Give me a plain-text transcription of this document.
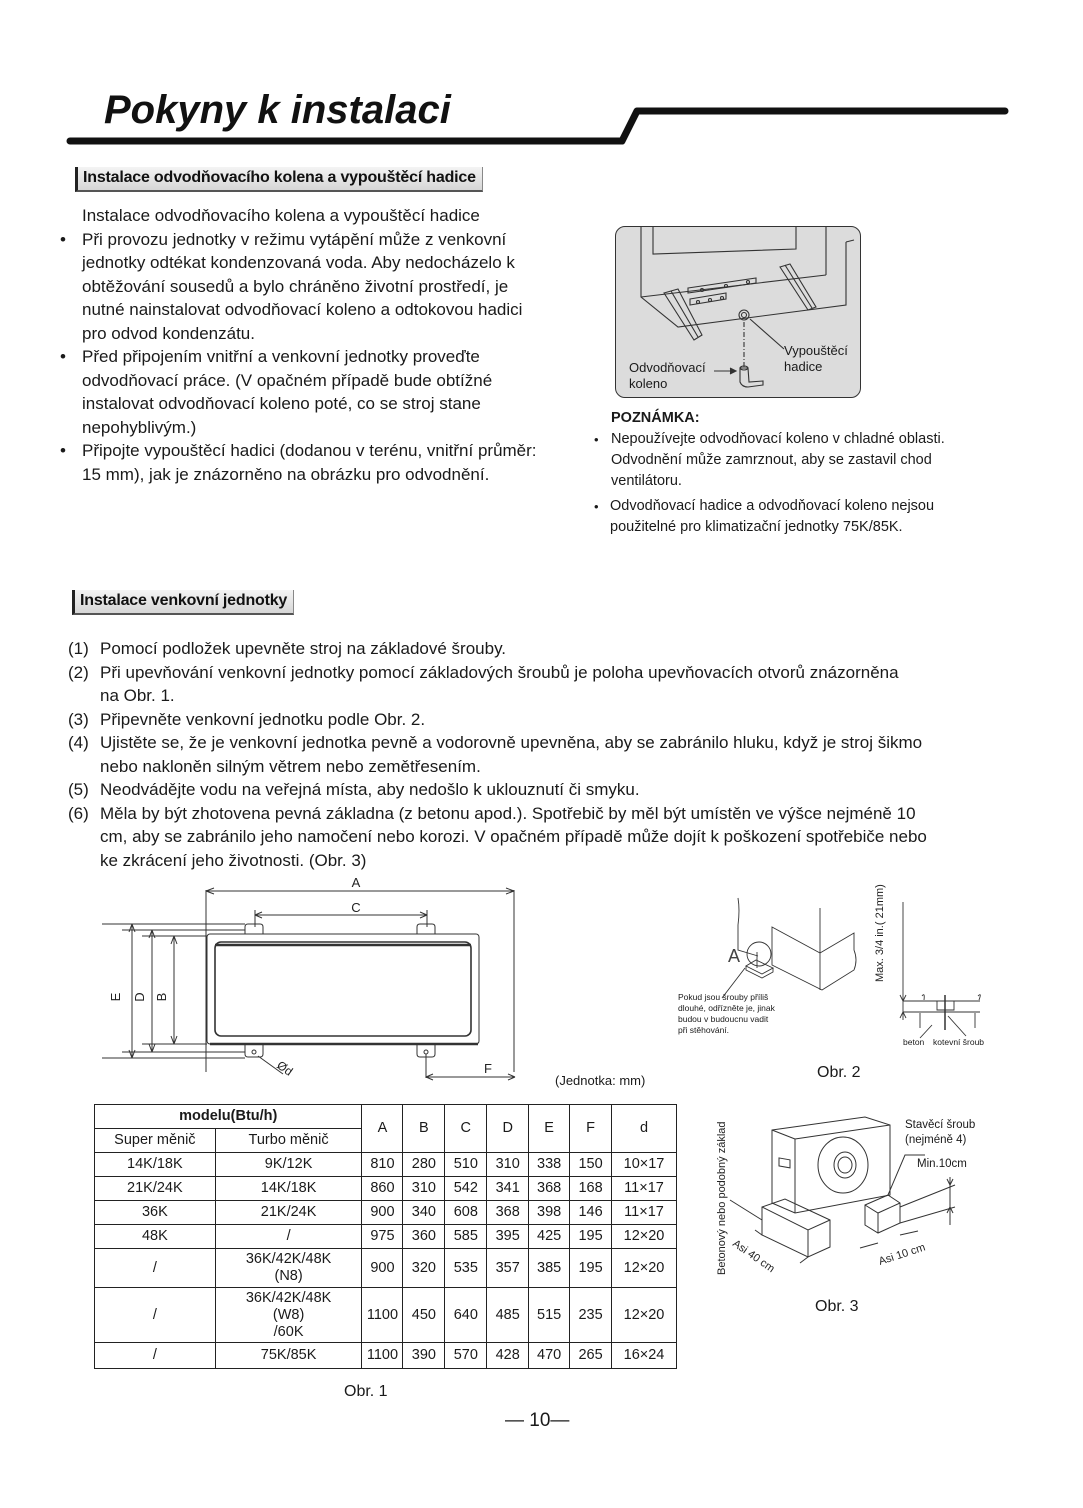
Pokyny k instalaci
Instalace odvodňovacího kolena a vypouštěcí hadice
Instalace odvodňovacího kolena a vypouštěcí hadice
• Při provozu jednotky v režimu vytápění může z venkovní
jednotky odtékat kondenzovaná voda. Aby nedocházelo k
obtěžování sousedů a bylo chráněno životní prostředí, je
nutné nainstalovat odvodňovací koleno a odtokovou hadici
pro odvod kondenzátu.
• Před připojením vnitřní a venkovní jednotky proveďte
odvodňovací práce. (V opačném případě bude obtížné
instalovat odvodňovací koleno poté, co se stroj stane
nepohyblivým.)
• Připojte vypouštěcí hadici (dodanou v terénu, vnitřní průměr:
15 mm), jak je znázorněno na obrázku pro odvodnění.
Odvodňovací
koleno
Vypouštěcí
hadice
POZNÁMKA:
• Nepoužívejte odvodňovací koleno v chladné oblasti.
Odvodnění může zamrznout, aby se zastavil chod
ventilátoru.
• Odvodňovací hadice a odvodňovací koleno nejsou
použitelné pro klimatizační jednotky 75K/85K.
Instalace venkovní jednotky
(1) Pomocí podložek upevněte stroj na základové šrouby.
(2) Při upevňování venkovní jednotky pomocí základových šroubů je poloha upevňovacích otvorů znázorněna
na Obr. 1.
(3) Připevněte venkovní jednotku podle Obr. 2.
(4) Ujistěte se, že je venkovní jednotka pevně a vodorovně upevněna, aby se zabránilo hluku, když je stroj šikmo
nebo nakloněn silným větrem nebo zemětřesením.
(5) Neodvádějte vodu na veřejná místa, aby nedošlo k uklouznutí či smyku.
(6) Měla by být zhotovena pevná základna (z betonu apod.). Spotřebič by měl být umístěn ve výšce nejméně 10
cm, aby se zabránilo jeho namočení nebo korozi. V opačném případě může dojít k poškození spotřebiče nebo
ke zkrácení jeho životnosti. (Obr. 3)
A
C
E D B
F
Ød
(Jednotka: mm)
modelu(Btu/h)		A	B	C	D	E	F	d
Super měnič	Turbo měnič							
14K/18K	9K/12K	810	280	510	310	338	150	10×17
21K/24K	14K/18K	860	310	542	341	368	168	11×17
36K	21K/24K	900	340	608	368	398	146	11×17
48K	/	975	360	585	395	425	195	12×20
/	36K/42K/48K
(N8)	900	320	535	357	385	195	12×20
/	36K/42K/48K
(W8)
/60K	1100	450	640	485	515	235	12×20
/	75K/85K	1100	390	570	428	470	265	16×24
Obr. 1
A	Max. 3/4 in.( 21mm)
Pokud jsou šrouby příliš
dlouhé, odřízněte je, jinak
budou v budoucnu vadit
při stěhování.
beton kotevní šroub
Obr. 2
Betonový nebo podobný základ Asi 40 cm	Asi 10 cm
Stavěcí šroub
(nejméně 4)
Min.10cm
Obr. 3
— 10—
